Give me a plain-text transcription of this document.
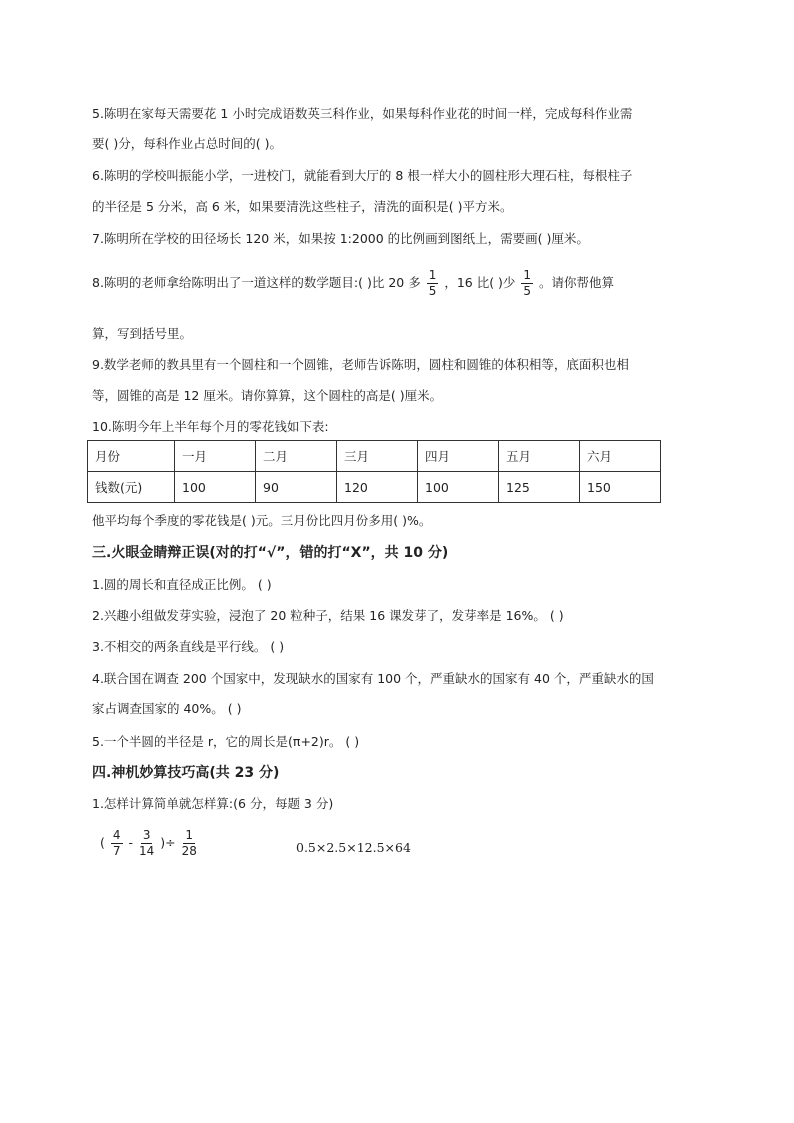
5.陈明在家每天需要花 1 小时完成语数英三科作业，如果每科作业花的时间一样，完成每科作业需
要( )分，每科作业占总时间的( )。
6.陈明的学校叫振能小学，一进校门，就能看到大厅的 8 根一样大小的圆柱形大理石柱，每根柱子
的半径是 5 分米，高 6 米，如果要清洗这些柱子，清洗的面积是( )平方米。
7.陈明所在学校的田径场长 120 米，如果按 1:2000 的比例画到图纸上，需要画( )厘米。
8.陈明的老师拿给陈明出了一道这样的数学题目:( )比 20 多 $\frac{1}{5}$ ，16 比( )少 $\frac{1}{5}$ 。请你帮他算
算，写到括号里。
9.数学老师的教具里有一个圆柱和一个圆锥，老师告诉陈明，圆柱和圆锥的体积相等，底面积也相
等，圆锥的高是 12 厘米。请你算算，这个圆柱的高是( )厘米。
10.陈明今年上半年每个月的零花钱如下表:
月份	一月	二月	三月	四月	五月	六月
钱数(元)	100	90	120	100	125	150
他平均每个季度的零花钱是( )元。三月份比四月份多用( )%。
三.火眼金睛辩正误(对的打“√”，错的打“X”，共 10 分)
1.圆的周长和直径成正比例。 ( )
2.兴趣小组做发芽实验，浸泡了 20 粒种子，结果 16 课发芽了，发芽率是 16%。 ( )
3.不相交的两条直线是平行线。 ( )
4.联合国在调查 200 个国家中，发现缺水的国家有 100 个，严重缺水的国家有 40 个，严重缺水的国
家占调查国家的 40%。 ( )
5.一个半圆的半径是 r，它的周长是(π+2)r。 ( )
四.神机妙算技巧高(共 23 分)
1.怎样计算简单就怎样算:(6 分，每题 3 分)
( $\frac{4}{7} - \frac{3}{14}$ )÷ $\frac{1}{28}$	0.5×2.5×12.5×64
